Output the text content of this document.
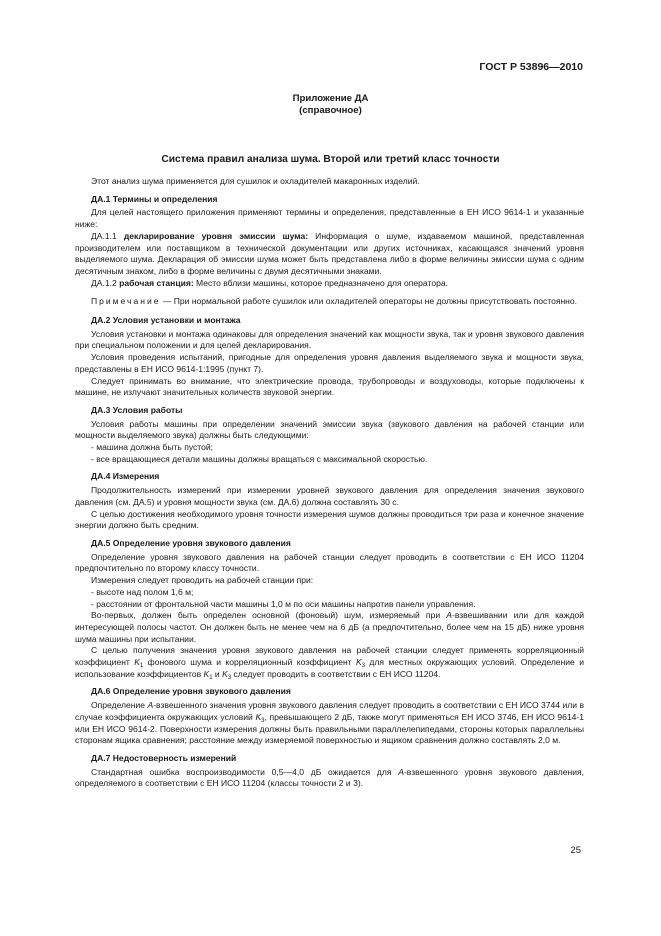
ГОСТ Р 53896—2010
Приложение ДА
(справочное)
Система правил анализа шума. Второй или третий класс точности

Этот анализ шума применяется для сушилок и охладителей макаронных изделий.

ДА.1 Термины и определения

Для целей настоящего приложения применяют термины и определения, представленные в ЕН ИСО 9614-1 и указанные ниже:

ДА.1.1 декларирование уровня эмиссии шума: Информация о шуме, издаваемом машиной, представленная производителем или поставщиком в технической документации или других источниках, касающаяся значений уровня выделяемого шума. Декларация об эмиссии шума может быть представлена либо в форме величины эмиссии шума с одним десятичным знаком, либо в форме величины с двумя десятичными знаками.

ДА.1.2 рабочая станция: Место вблизи машины, которое предназначено для оператора.

Примечание — При нормальной работе сушилок или охладителей операторы не должны присутствовать постоянно.

ДА.2 Условия установки и монтажа

Условия установки и монтажа одинаковы для определения значений как мощности звука, так и уровня звукового давления при специальном положении и для целей декларирования.

Условия проведения испытаний, пригодные для определения уровня давления выделяемого звука и мощности звука, представлены в ЕН ИСО 9614-1:1995 (пункт 7).

Следует принимать во внимание, что электрические провода, трубопроводы и воздуховоды, которые подключены к машине, не излучают значительных количеств звуковой энергии.

ДА.3 Условия работы

Условия работы машины при определении значений эмиссии звука (звукового давления на рабочей станции или мощности выделяемого звука) должны быть следующими:

- машина должна быть пустой;

- все вращающиеся детали машины должны вращаться с максимальной скоростью.

ДА.4 Измерения

Продолжительность измерений при измерении уровней звукового давления для определения значения звукового давления (см. ДА.5) и уровня мощности звука (см. ДА.6) должна составлять 30 с.

С целью достижения необходимого уровня точности измерения шумов должны проводиться три раза и конечное значение энергии должно быть средним.

ДА.5 Определение уровня звукового давления

Определение уровня звукового давления на рабочей станции следует проводить в соответствии с ЕН ИСО 11204 предпочтительно по второму классу точности.

Измерения следует проводить на рабочей станции при:

- высоте над полом 1,6 м;

- расстоянии от фронтальной части машины 1,0 м по оси машины напротив панели управления.

Во-первых, должен быть определен основной (фоновый) шум, измеряемый при А-взвешивании или для каждой интересующей полосы частот. Он должен быть не менее чем на 6 дБ (а предпочтительно, более чем на 15 дБ) ниже уровня шума машины при испытании.

С целью получения значения уровня звукового давления на рабочей станции следует применять корреляционный коэффициент $K_1$ фонового шума и корреляционный коэффициент $K_3$ для местных окружающих условий. Определение и использование коэффициентов $K_1$ и $K_3$ следует проводить в соответствии с ЕН ИСО 11204.

ДА.6 Определение уровня звукового давления

Определение А-взвешенного значения уровня звукового давления следует проводить в соответствии с ЕН ИСО 3744 или в случае коэффициента окружающих условий $K_3$, превышающего 2 дБ, также могут применяться ЕН ИСО 3746, ЕН ИСО 9614-1 или ЕН ИСО 9614-2. Поверхности измерения должны быть правильными параллелепипедами, стороны которых параллельны сторонам ящика сравнения; расстояние между измеряемой поверхностью и ящиком сравнения должно составлять 2,0 м.

ДА.7 Недостоверность измерений

Стандартная ошибка воспроизводимости 0,5—4,0 дБ ожидается для А-взвешенного уровня звукового давления, определяемого в соответствии с ЕН ИСО 11204 (классы точности 2 и 3).

25
